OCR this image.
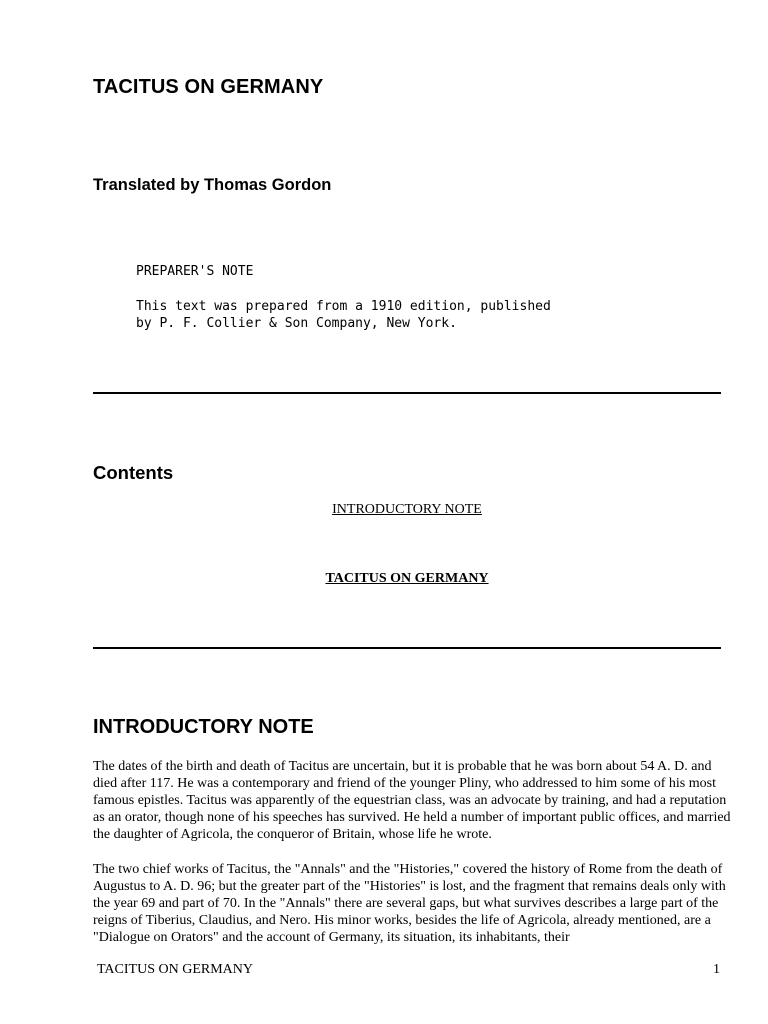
TACITUS ON GERMANY
Translated by Thomas Gordon

PREPARER'S NOTE

This text was prepared from a 1910 edition, published
by P. F. Collier & Son Company, New York.

Contents
INTRODUCTORY NOTE
TACITUS ON GERMANY
INTRODUCTORY NOTE

The dates of the birth and death of Tacitus are uncertain, but it is probable that he was born about 54 A. D. and died after 117. He was a contemporary and friend of the younger Pliny, who addressed to him some of his most famous epistles. Tacitus was apparently of the equestrian class, was an advocate by training, and had a reputation as an orator, though none of his speeches has survived. He held a number of important public offices, and married the daughter of Agricola, the conqueror of Britain, whose life he wrote.

The two chief works of Tacitus, the "Annals" and the "Histories," covered the history of Rome from the death of Augustus to A. D. 96; but the greater part of the "Histories" is lost, and the fragment that remains deals only with the year 69 and part of 70. In the "Annals" there are several gaps, but what survives describes a large part of the reigns of Tiberius, Claudius, and Nero. His minor works, besides the life of Agricola, already mentioned, are a "Dialogue on Orators" and the account of Germany, its situation, its inhabitants, their

TACITUS ON GERMANY	1
